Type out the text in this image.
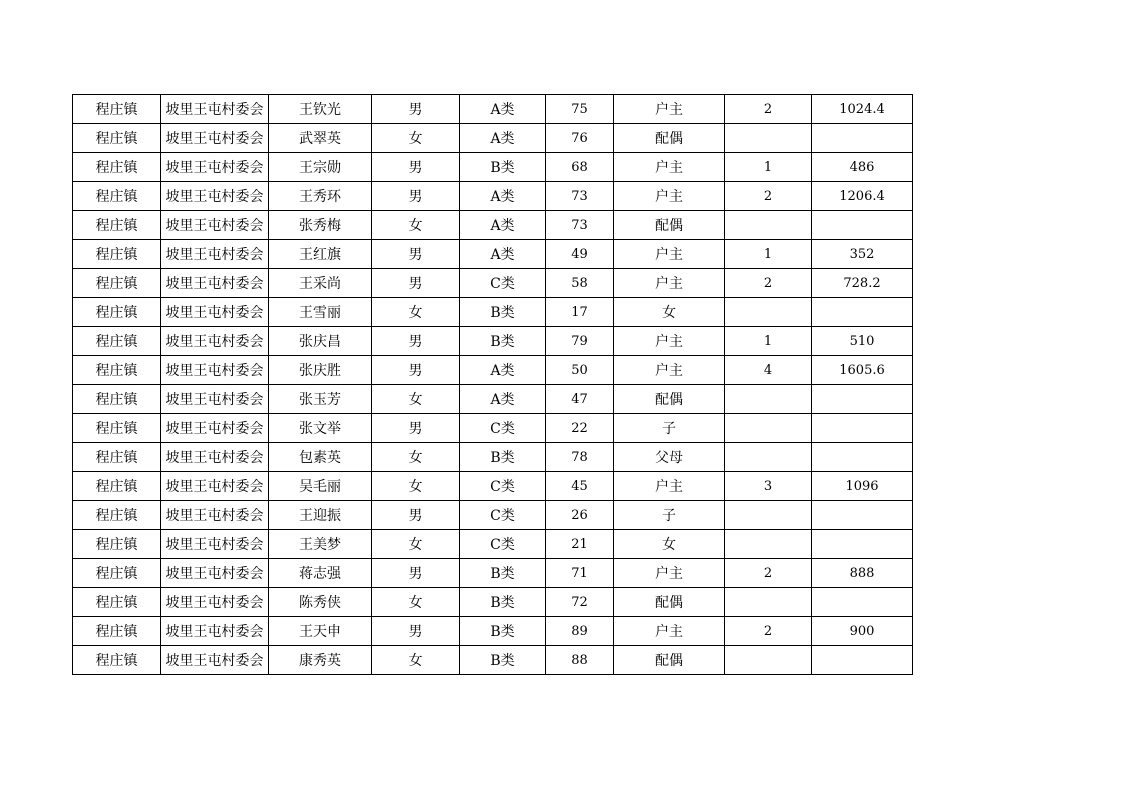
程庄镇	坡里王屯村委会	王钦光	男	A类	75	户主	2	1024.4
程庄镇	坡里王屯村委会	武翠英	女	A类	76	配偶		
程庄镇	坡里王屯村委会	王宗勋	男	B类	68	户主	1	486
程庄镇	坡里王屯村委会	王秀环	男	A类	73	户主	2	1206.4
程庄镇	坡里王屯村委会	张秀梅	女	A类	73	配偶		
程庄镇	坡里王屯村委会	王红旗	男	A类	49	户主	1	352
程庄镇	坡里王屯村委会	王采尚	男	C类	58	户主	2	728.2
程庄镇	坡里王屯村委会	王雪丽	女	B类	17	女		
程庄镇	坡里王屯村委会	张庆昌	男	B类	79	户主	1	510
程庄镇	坡里王屯村委会	张庆胜	男	A类	50	户主	4	1605.6
程庄镇	坡里王屯村委会	张玉芳	女	A类	47	配偶		
程庄镇	坡里王屯村委会	张文举	男	C类	22	子		
程庄镇	坡里王屯村委会	包素英	女	B类	78	父母		
程庄镇	坡里王屯村委会	吴毛丽	女	C类	45	户主	3	1096
程庄镇	坡里王屯村委会	王迎振	男	C类	26	子		
程庄镇	坡里王屯村委会	王美梦	女	C类	21	女		
程庄镇	坡里王屯村委会	蒋志强	男	B类	71	户主	2	888
程庄镇	坡里王屯村委会	陈秀侠	女	B类	72	配偶		
程庄镇	坡里王屯村委会	王天申	男	B类	89	户主	2	900
程庄镇	坡里王屯村委会	康秀英	女	B类	88	配偶		
